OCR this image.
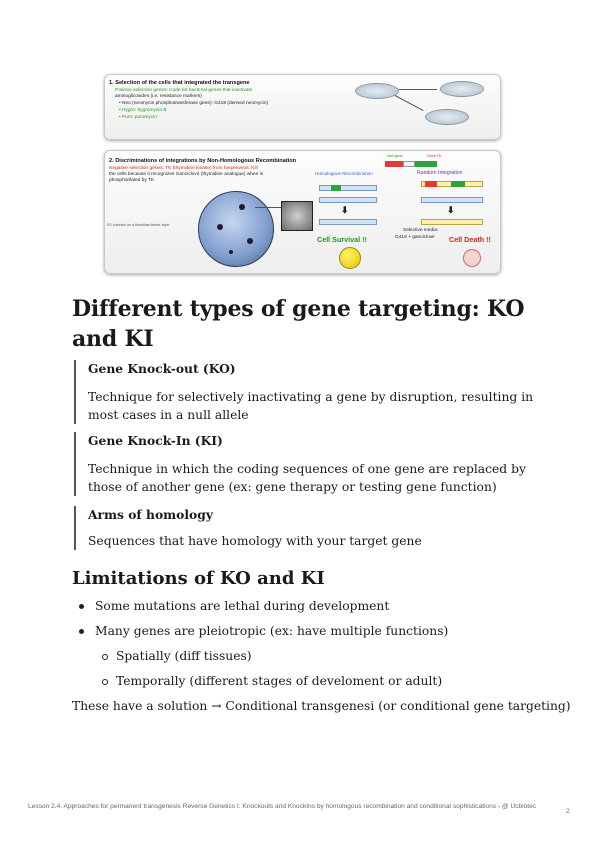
1. Selection of the cells that integrated the transgene
Positive selection genes: Code for bacterial genes that inactivate
aminoglicosides (i.e. resistance markers)
• Neo (neomycin phosphotransferase gene): G418 (derived neomycin)
• Hygro: hygromycin B
• Puro: puromycin
2. Discriminations of integrations by Non-Homologous Recombination
Negative selection genes: TK (thymidine kinase) from herpesvirus. Kill
the cells because it recognizes Ganciclovir (thymidine analogue) when is
phosphorilated by TK
ES colonies on a fibroblast feeder layer
Neo gene	Gene TK
Homologous Recombination	Random Integration
⬇	⬇
Cell Survival !!	Cell Death !!
Selective media:
G418 + ganciclovir
Different types of gene targeting: KO and KI
Gene Knock-out (KO)
Technique for selectively inactivating a gene by disruption, resulting in most cases in a null allele
Gene Knock-In (KI)
Technique in which the coding sequences of one gene are replaced by those of another gene (ex: gene therapy or testing gene function)
Arms of homology
Sequences that have homology with your target gene
Limitations of KO and KI
Some mutations are lethal during development
Many genes are pleiotropic (ex: have multiple functions)
Spatially (diff tissues)
Temporally (different stages of develoment or adult)
These have a solution → Conditional transgenesi (or conditional gene targeting)
Lesson 2.4. Approaches for permanent transgenesis Reverse Genetics I: Knockouts and KnockIns by homologous recombination and conditional sophistications - @ Ucbiotec
2
